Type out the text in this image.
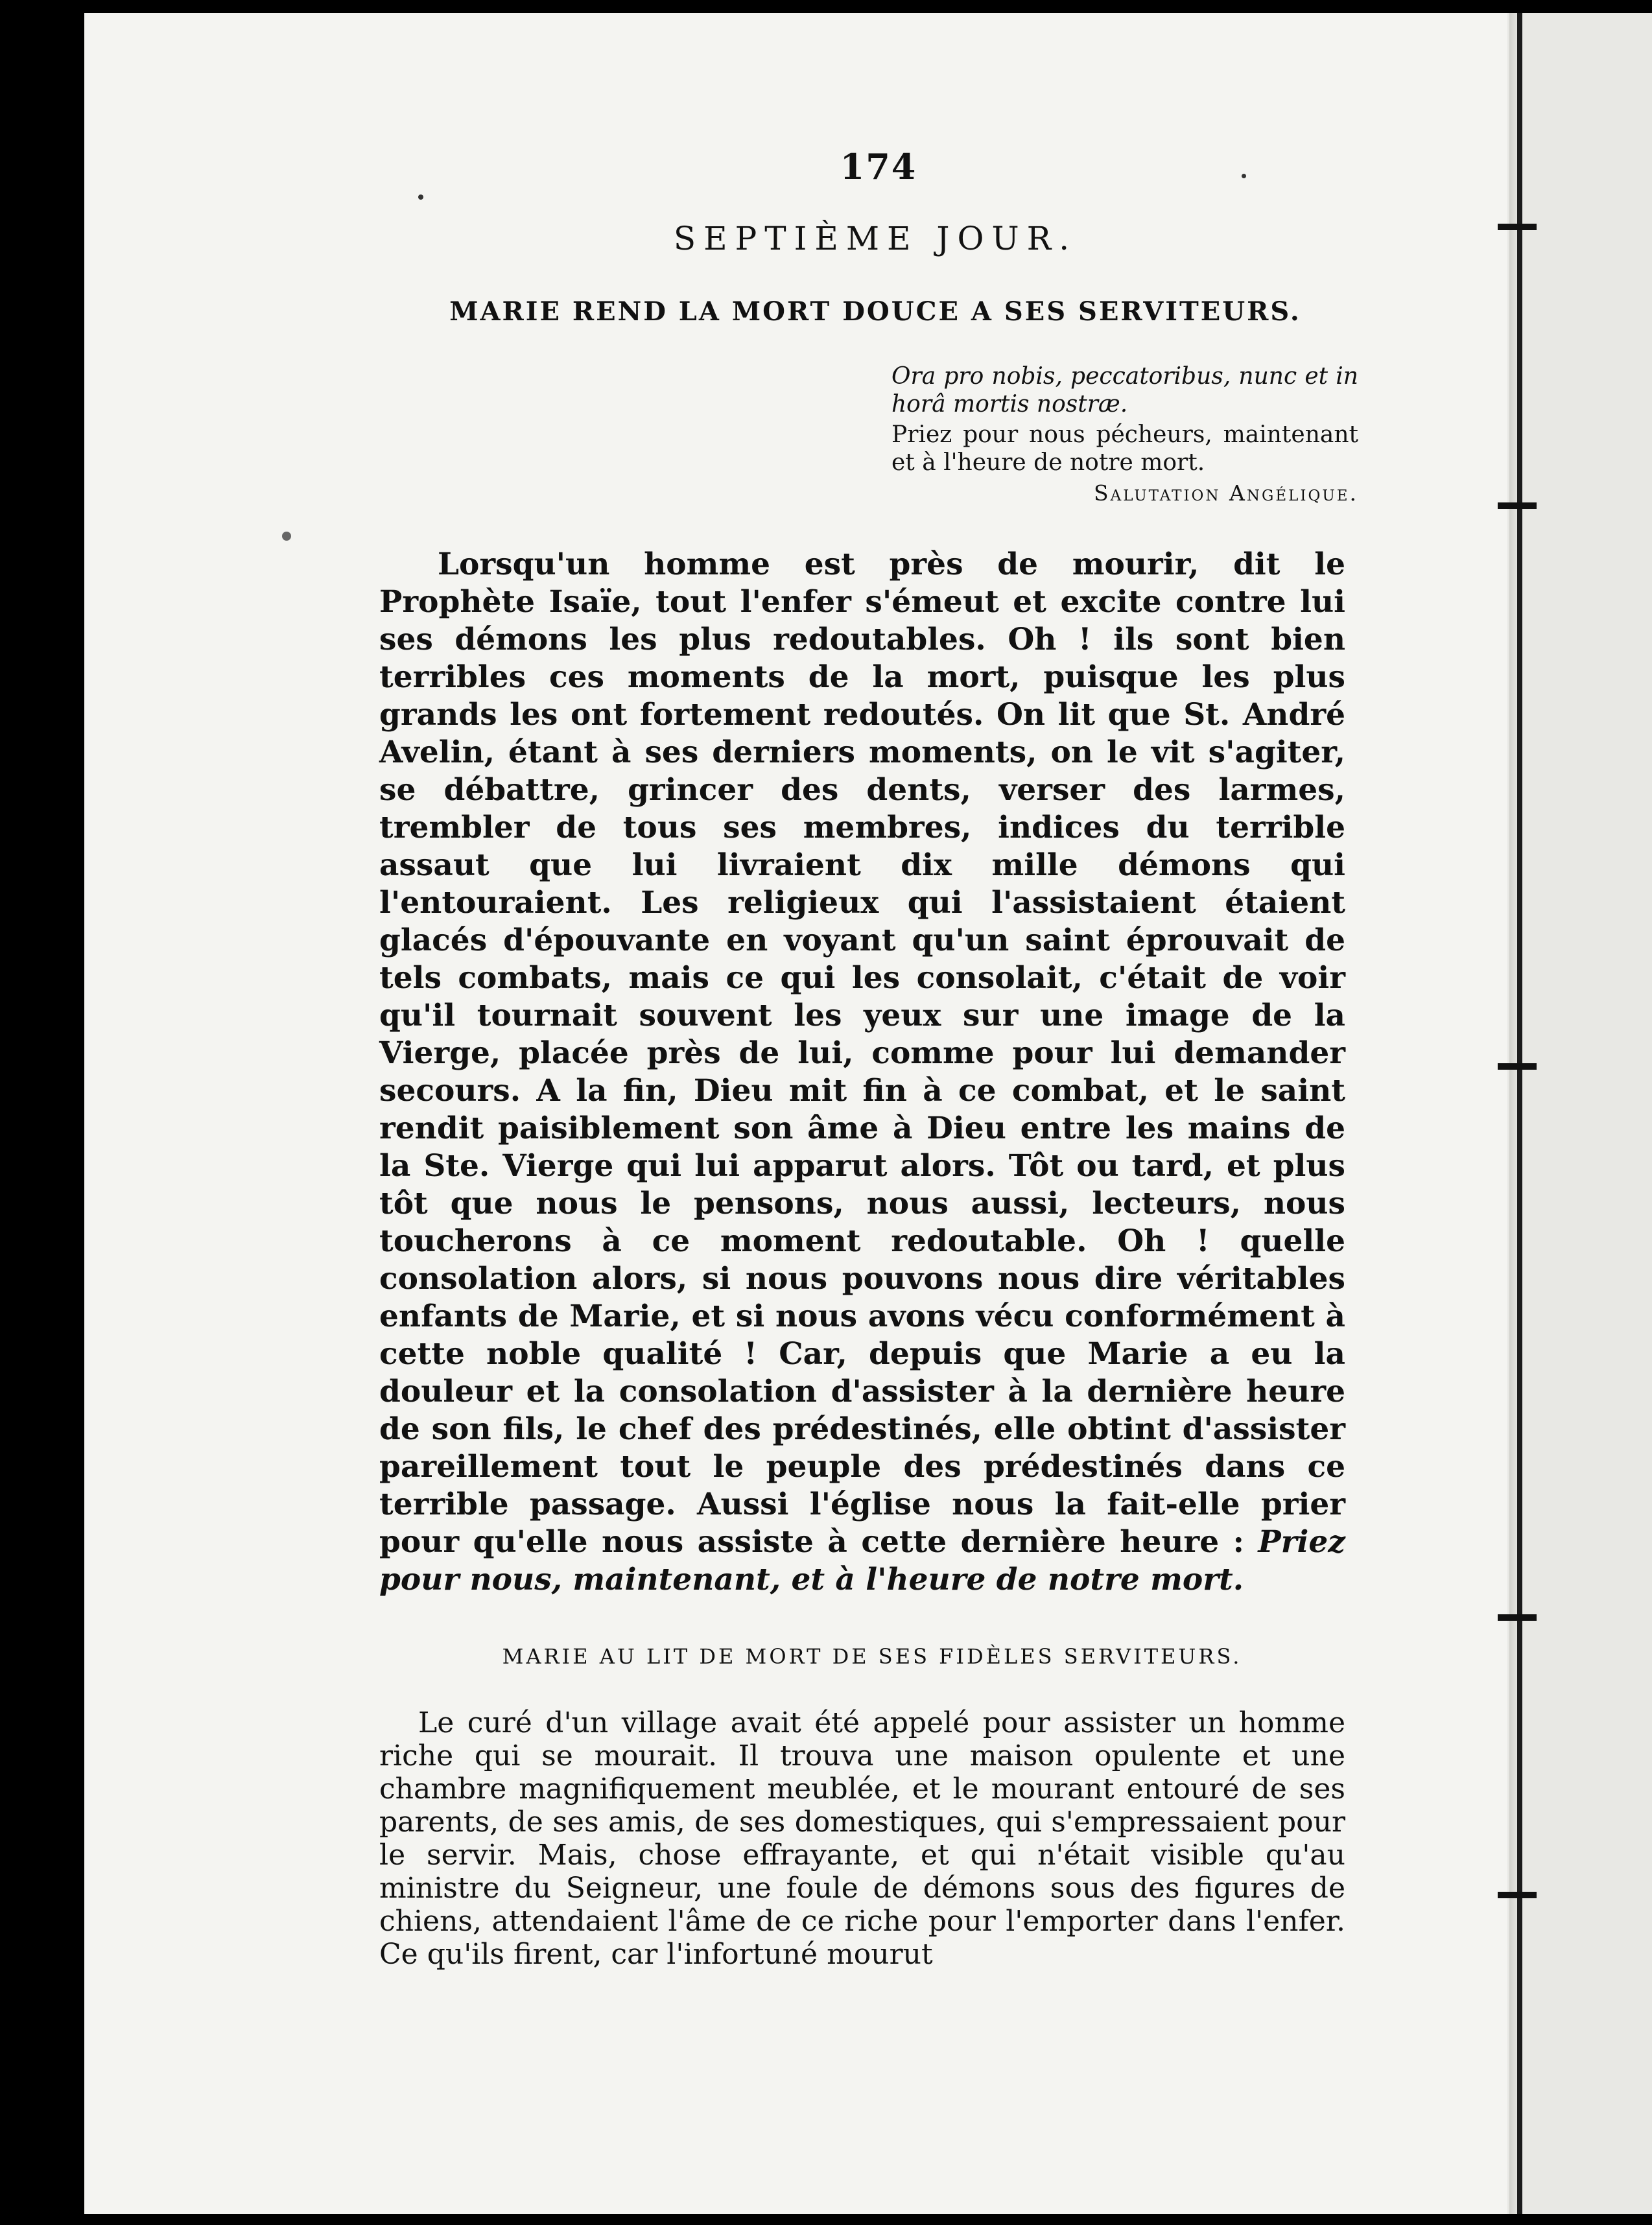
174
SEPTIÈME JOUR.
MARIE REND LA MORT DOUCE A SES SERVITEURS.
Ora pro nobis, peccatoribus, nunc et in horâ mortis nostræ.
Priez pour nous pécheurs, maintenant et à l'heure de notre mort.
Salutation Angélique.

Lorsqu'un homme est près de mourir, dit le Prophète Isaïe, tout l'enfer s'émeut et excite contre lui ses démons les plus redoutables. Oh ! ils sont bien terribles ces moments de la mort, puisque les plus grands les ont fortement redoutés. On lit que St. André Avelin, étant à ses derniers moments, on le vit s'agiter, se débattre, grincer des dents, verser des larmes, trembler de tous ses membres, indices du terrible assaut que lui livraient dix mille démons qui l'entouraient. Les religieux qui l'assistaient étaient glacés d'épouvante en voyant qu'un saint éprouvait de tels combats, mais ce qui les consolait, c'était de voir qu'il tournait souvent les yeux sur une image de la Vierge, placée près de lui, comme pour lui demander secours. A la fin, Dieu mit fin à ce combat, et le saint rendit paisiblement son âme à Dieu entre les mains de la Ste. Vierge qui lui apparut alors. Tôt ou tard, et plus tôt que nous le pensons, nous aussi, lecteurs, nous toucherons à ce moment redoutable. Oh ! quelle consolation alors, si nous pouvons nous dire véritables enfants de Marie, et si nous avons vécu conformément à cette noble qualité ! Car, depuis que Marie a eu la douleur et la consolation d'assister à la dernière heure de son fils, le chef des prédestinés, elle obtint d'assister pareillement tout le peuple des prédestinés dans ce terrible passage. Aussi l'église nous la fait-elle prier pour qu'elle nous assiste à cette dernière heure : Priez pour nous, maintenant, et à l'heure de notre mort.

MARIE AU LIT DE MORT DE SES FIDÈLES SERVITEURS.

Le curé d'un village avait été appelé pour assister un homme riche qui se mourait. Il trouva une maison opulente et une chambre magnifiquement meublée, et le mourant entouré de ses parents, de ses amis, de ses domestiques, qui s'empressaient pour le servir. Mais, chose effrayante, et qui n'était visible qu'au ministre du Seigneur, une foule de démons sous des figures de chiens, attendaient l'âme de ce riche pour l'emporter dans l'enfer. Ce qu'ils firent, car l'infortuné mourut
